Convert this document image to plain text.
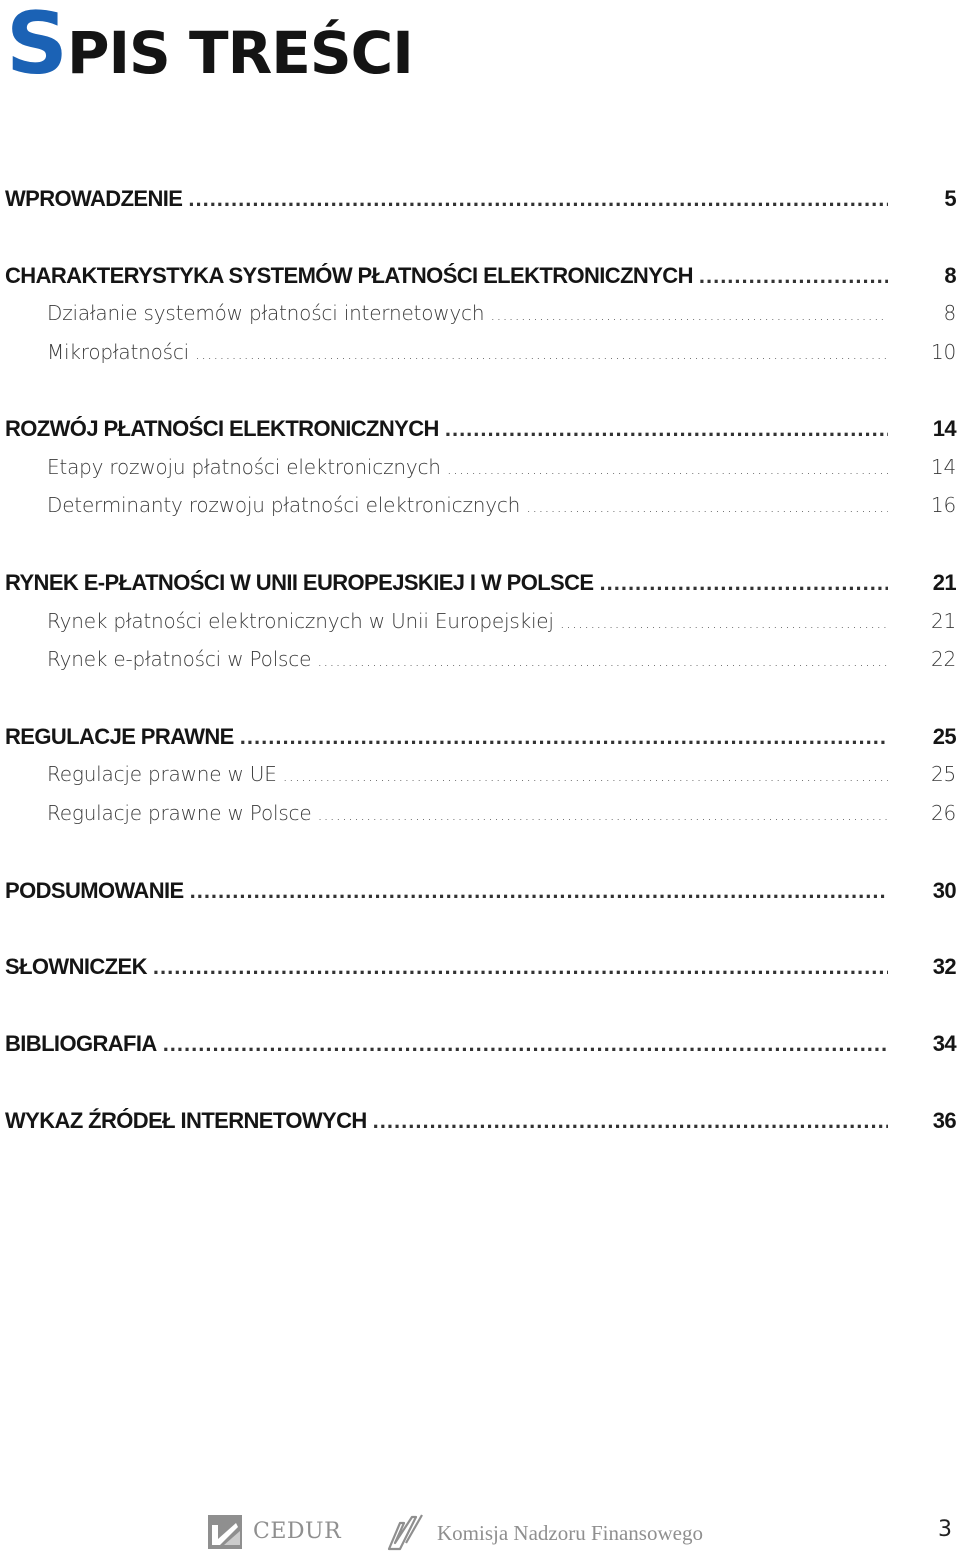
SPIS TREŚCI
WPROWADZENIE .....	5
CHARAKTERYSTYKA SYSTEMÓW PŁATNOŚCI ELEKTRONICZNYCH .....	8
Działanie systemów płatności internetowych .....	8
Mikropłatności .....	10
ROZWÓJ PŁATNOŚCI ELEKTRONICZNYCH .....	14
Etapy rozwoju płatności elektronicznych .....	14
Determinanty rozwoju płatności elektronicznych .....	16
RYNEK E-PŁATNOŚCI W UNII EUROPEJSKIEJ I W POLSCE .....	21
Rynek płatności elektronicznych w Unii Europejskiej .....	21
Rynek e-płatności w Polsce .....	22
REGULACJE PRAWNE .....	25
Regulacje prawne w UE .....	25
Regulacje prawne w Polsce .....	26
PODSUMOWANIE .....	30
SŁOWNICZEK .....	32
BIBLIOGRAFIA .....	34
WYKAZ ŹRÓDEŁ INTERNETOWYCH .....	36
CEDUR	Komisja Nadzoru Finansowego	3
